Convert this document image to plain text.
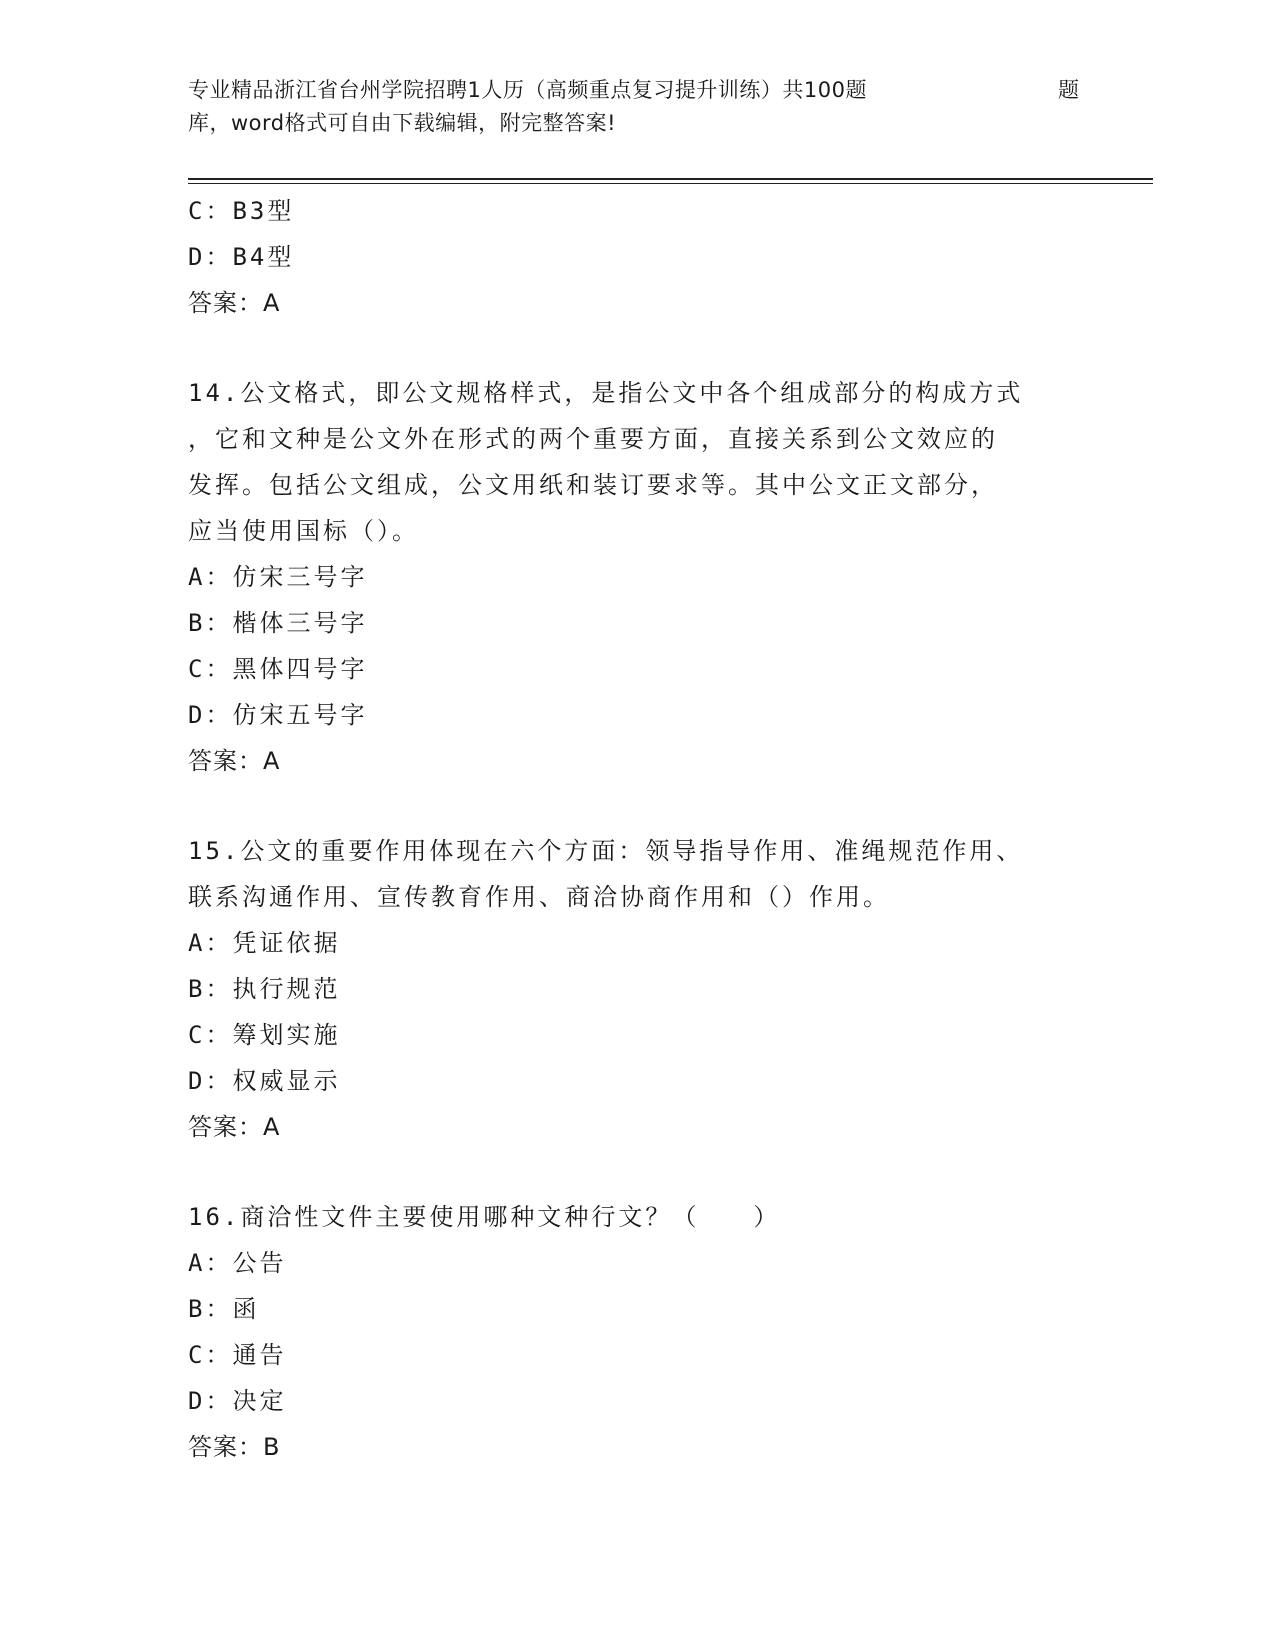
专业精品浙江省台州学院招聘1人历（高频重点复习提升训练）共100题
库，word格式可自由下载编辑，附完整答案!
题
C：B3型
D：B4型
答案：A
14.公文格式，即公文规格样式，是指公文中各个组成部分的构成方式
，它和文种是公文外在形式的两个重要方面，直接关系到公文效应的
发挥。包括公文组成，公文用纸和装订要求等。其中公文正文部分，
应当使用国标（）。
A：仿宋三号字
B：楷体三号字
C：黑体四号字
D：仿宋五号字
答案：A
15.公文的重要作用体现在六个方面：领导指导作用、准绳规范作用、
联系沟通作用、宣传教育作用、商洽协商作用和（）作用。
A：凭证依据
B：执行规范
C：筹划实施
D：权威显示
答案：A
16.商洽性文件主要使用哪种文种行文？（　　）
A：公告
B：函
C：通告
D：决定
答案：B
